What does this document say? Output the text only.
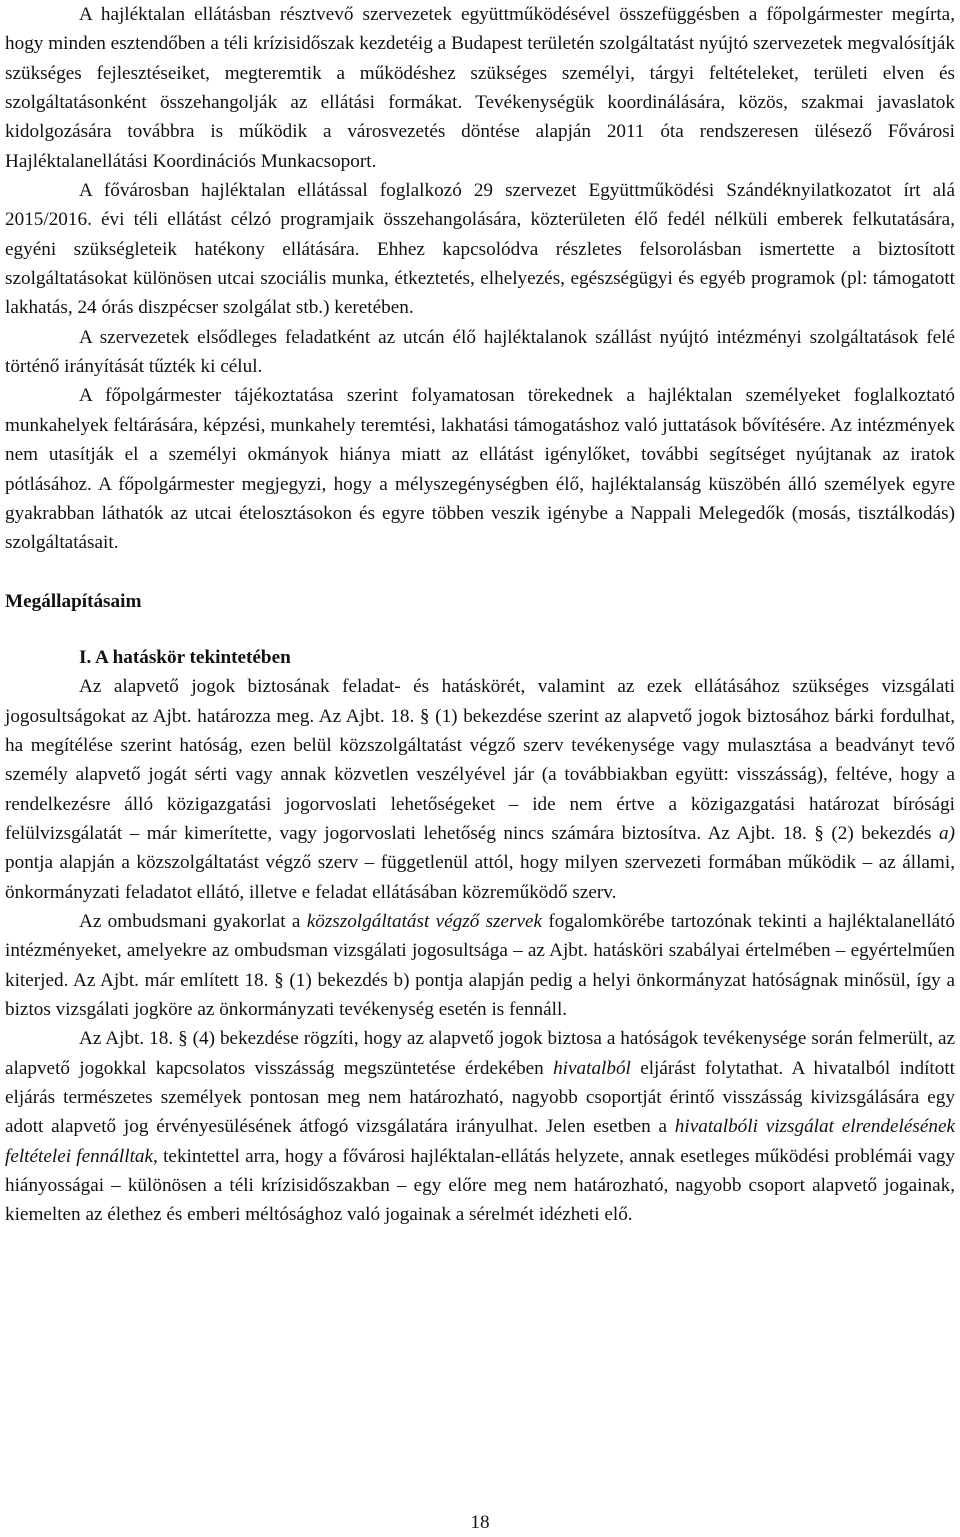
A hajléktalan ellátásban résztvevő szervezetek együttműködésével összefüggésben a főpolgármester megírta, hogy minden esztendőben a téli krízisidőszak kezdetéig a Budapest területén szolgáltatást nyújtó szervezetek megvalósítják szükséges fejlesztéseiket, megteremtik a működéshez szükséges személyi, tárgyi feltételeket, területi elven és szolgáltatásonként összehangolják az ellátási formákat. Tevékenységük koordinálására, közös, szakmai javaslatok kidolgozására továbbra is működik a városvezetés döntése alapján 2011 óta rendszeresen ülésező Fővárosi Hajléktalanellátási Koordinációs Munkacsoport.

A fővárosban hajléktalan ellátással foglalkozó 29 szervezet Együttműködési Szándéknyilatkozatot írt alá 2015/2016. évi téli ellátást célzó programjaik összehangolására, közterületen élő fedél nélküli emberek felkutatására, egyéni szükségleteik hatékony ellátására. Ehhez kapcsolódva részletes felsorolásban ismertette a biztosított szolgáltatásokat különösen utcai szociális munka, étkeztetés, elhelyezés, egészségügyi és egyéb programok (pl: támogatott lakhatás, 24 órás diszpécser szolgálat stb.) keretében.

A szervezetek elsődleges feladatként az utcán élő hajléktalanok szállást nyújtó intézményi szolgáltatások felé történő irányítását tűzték ki célul.

A főpolgármester tájékoztatása szerint folyamatosan törekednek a hajléktalan személyeket foglalkoztató munkahelyek feltárására, képzési, munkahely teremtési, lakhatási támogatáshoz való juttatások bővítésére. Az intézmények nem utasítják el a személyi okmányok hiánya miatt az ellátást igénylőket, további segítséget nyújtanak az iratok pótlásához. A főpolgármester megjegyzi, hogy a mélyszegénységben élő, hajléktalanság küszöbén álló személyek egyre gyakrabban láthatók az utcai ételosztásokon és egyre többen veszik igénybe a Nappali Melegedők (mosás, tisztálkodás) szolgáltatásait.

Megállapításaim
I. A hatáskör tekintetében

Az alapvető jogok biztosának feladat- és hatáskörét, valamint az ezek ellátásához szükséges vizsgálati jogosultságokat az Ajbt. határozza meg. Az Ajbt. 18. § (1) bekezdése szerint az alapvető jogok biztosához bárki fordulhat, ha megítélése szerint hatóság, ezen belül közszolgáltatást végző szerv tevékenysége vagy mulasztása a beadványt tevő személy alapvető jogát sérti vagy annak közvetlen veszélyével jár (a továbbiakban együtt: visszásság), feltéve, hogy a rendelkezésre álló közigazgatási jogorvoslati lehetőségeket – ide nem értve a közigazgatási határozat bírósági felülvizsgálatát – már kimerítette, vagy jogorvoslati lehetőség nincs számára biztosítva. Az Ajbt. 18. § (2) bekezdés a) pontja alapján a közszolgáltatást végző szerv – függetlenül attól, hogy milyen szervezeti formában működik – az állami, önkormányzati feladatot ellátó, illetve e feladat ellátásában közreműködő szerv.

Az ombudsmani gyakorlat a közszolgáltatást végző szervek fogalomkörébe tartozónak tekinti a hajléktalanellátó intézményeket, amelyekre az ombudsman vizsgálati jogosultsága – az Ajbt. hatásköri szabályai értelmében – egyértelműen kiterjed. Az Ajbt. már említett 18. § (1) bekezdés b) pontja alapján pedig a helyi önkormányzat hatóságnak minősül, így a biztos vizsgálati jogköre az önkormányzati tevékenység esetén is fennáll.

Az Ajbt. 18. § (4) bekezdése rögzíti, hogy az alapvető jogok biztosa a hatóságok tevékenysége során felmerült, az alapvető jogokkal kapcsolatos visszásság megszüntetése érdekében hivatalból eljárást folytathat. A hivatalból indított eljárás természetes személyek pontosan meg nem határozható, nagyobb csoportját érintő visszásság kivizsgálására egy adott alapvető jog érvényesülésének átfogó vizsgálatára irányulhat. Jelen esetben a hivatalbóli vizsgálat elrendelésének feltételei fennálltak, tekintettel arra, hogy a fővárosi hajléktalan-ellátás helyzete, annak esetleges működési problémái vagy hiányosságai – különösen a téli krízisidőszakban – egy előre meg nem határozható, nagyobb csoport alapvető jogainak, kiemelten az élethez és emberi méltósághoz való jogainak a sérelmét idézheti elő.

18
